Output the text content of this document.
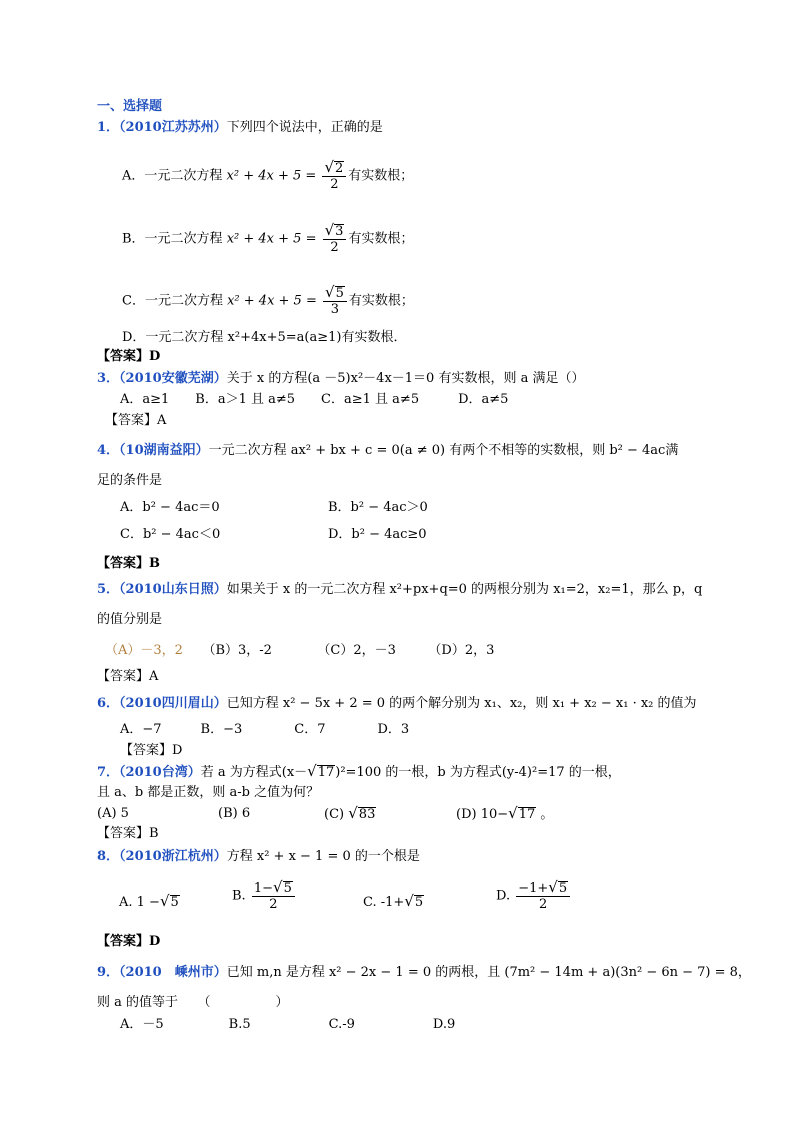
一、选择题
1．（2010江苏苏州）下列四个说法中，正确的是
A．一元二次方程 $x^2 + 4x + 5 = \frac{√ 2}{2}$ 有实数根；
B．一元二次方程 $x^2 + 4x + 5 = \frac{√ 3}{2}$ 有实数根；
C．一元二次方程 $x^2 + 4x + 5 = \frac{√ 5}{3}$ 有实数根；
D．一元二次方程 x²+4x+5=a(a≥1)有实数根．
【答案】D
3．（2010安徽芜湖）关于 x 的方程(a －5)x²－4x－1＝0 有实数根，则 a 满足（）
A．a≥1　　B．a＞1 且 a≠5　　C．a≥1 且 a≠5　　　D．a≠5
【答案】A
4．（10湖南益阳）一元二次方程 ax² + bx + c = 0(a ≠ 0) 有两个不相等的实数根，则 b² − 4ac满
足的条件是
A．b² − 4ac＝0	B．b² − 4ac＞0
C．b² − 4ac＜0	D．b² − 4ac≥0
【答案】B
5．（2010山东日照）如果关于 x 的一元二次方程 x²+px+q=0 的两根分别为 x₁=2，x₂=1，那么 p，q
的值分别是
（A）－3，2　　（B）3，-2　　　　（C）2，－3　　　（D）2，3
【答案】A
6．（2010四川眉山）已知方程 x² − 5x + 2 = 0 的两个解分别为 x₁、x₂，则 x₁ + x₂ − x₁ · x₂ 的值为
A．−7　　　B．−3　　　　C．7　　　　D．3
【答案】D
7．（2010台湾）若 a 为方程式(x－ √ 17 )²=100 的一根，b 为方程式(y-4)²=17 的一根，
且 a、b 都是正数，则 a-b 之值为何？
(A) 5	(B) 6	(C) √ 83	(D) 10− √ 17 。
【答案】B
8．（2010浙江杭州）方程 x² + x − 1 = 0 的一个根是
A. 1 − √ 5	B. $\frac{1- √ 5}{2}$	C. -1+ √ 5	D. $\frac{-1+ √ 5}{2}$
【答案】D
9．（2010　嵊州市）已知 m,n 是方程 x² − 2x − 1 = 0 的两根，且 (7m² − 14m + a)(3n² − 6n − 7) = 8，
则 a 的值等于　　（　　　　　）
A．－5　　　　　B.5　　　　　　C.-9　　　　　　D.9
